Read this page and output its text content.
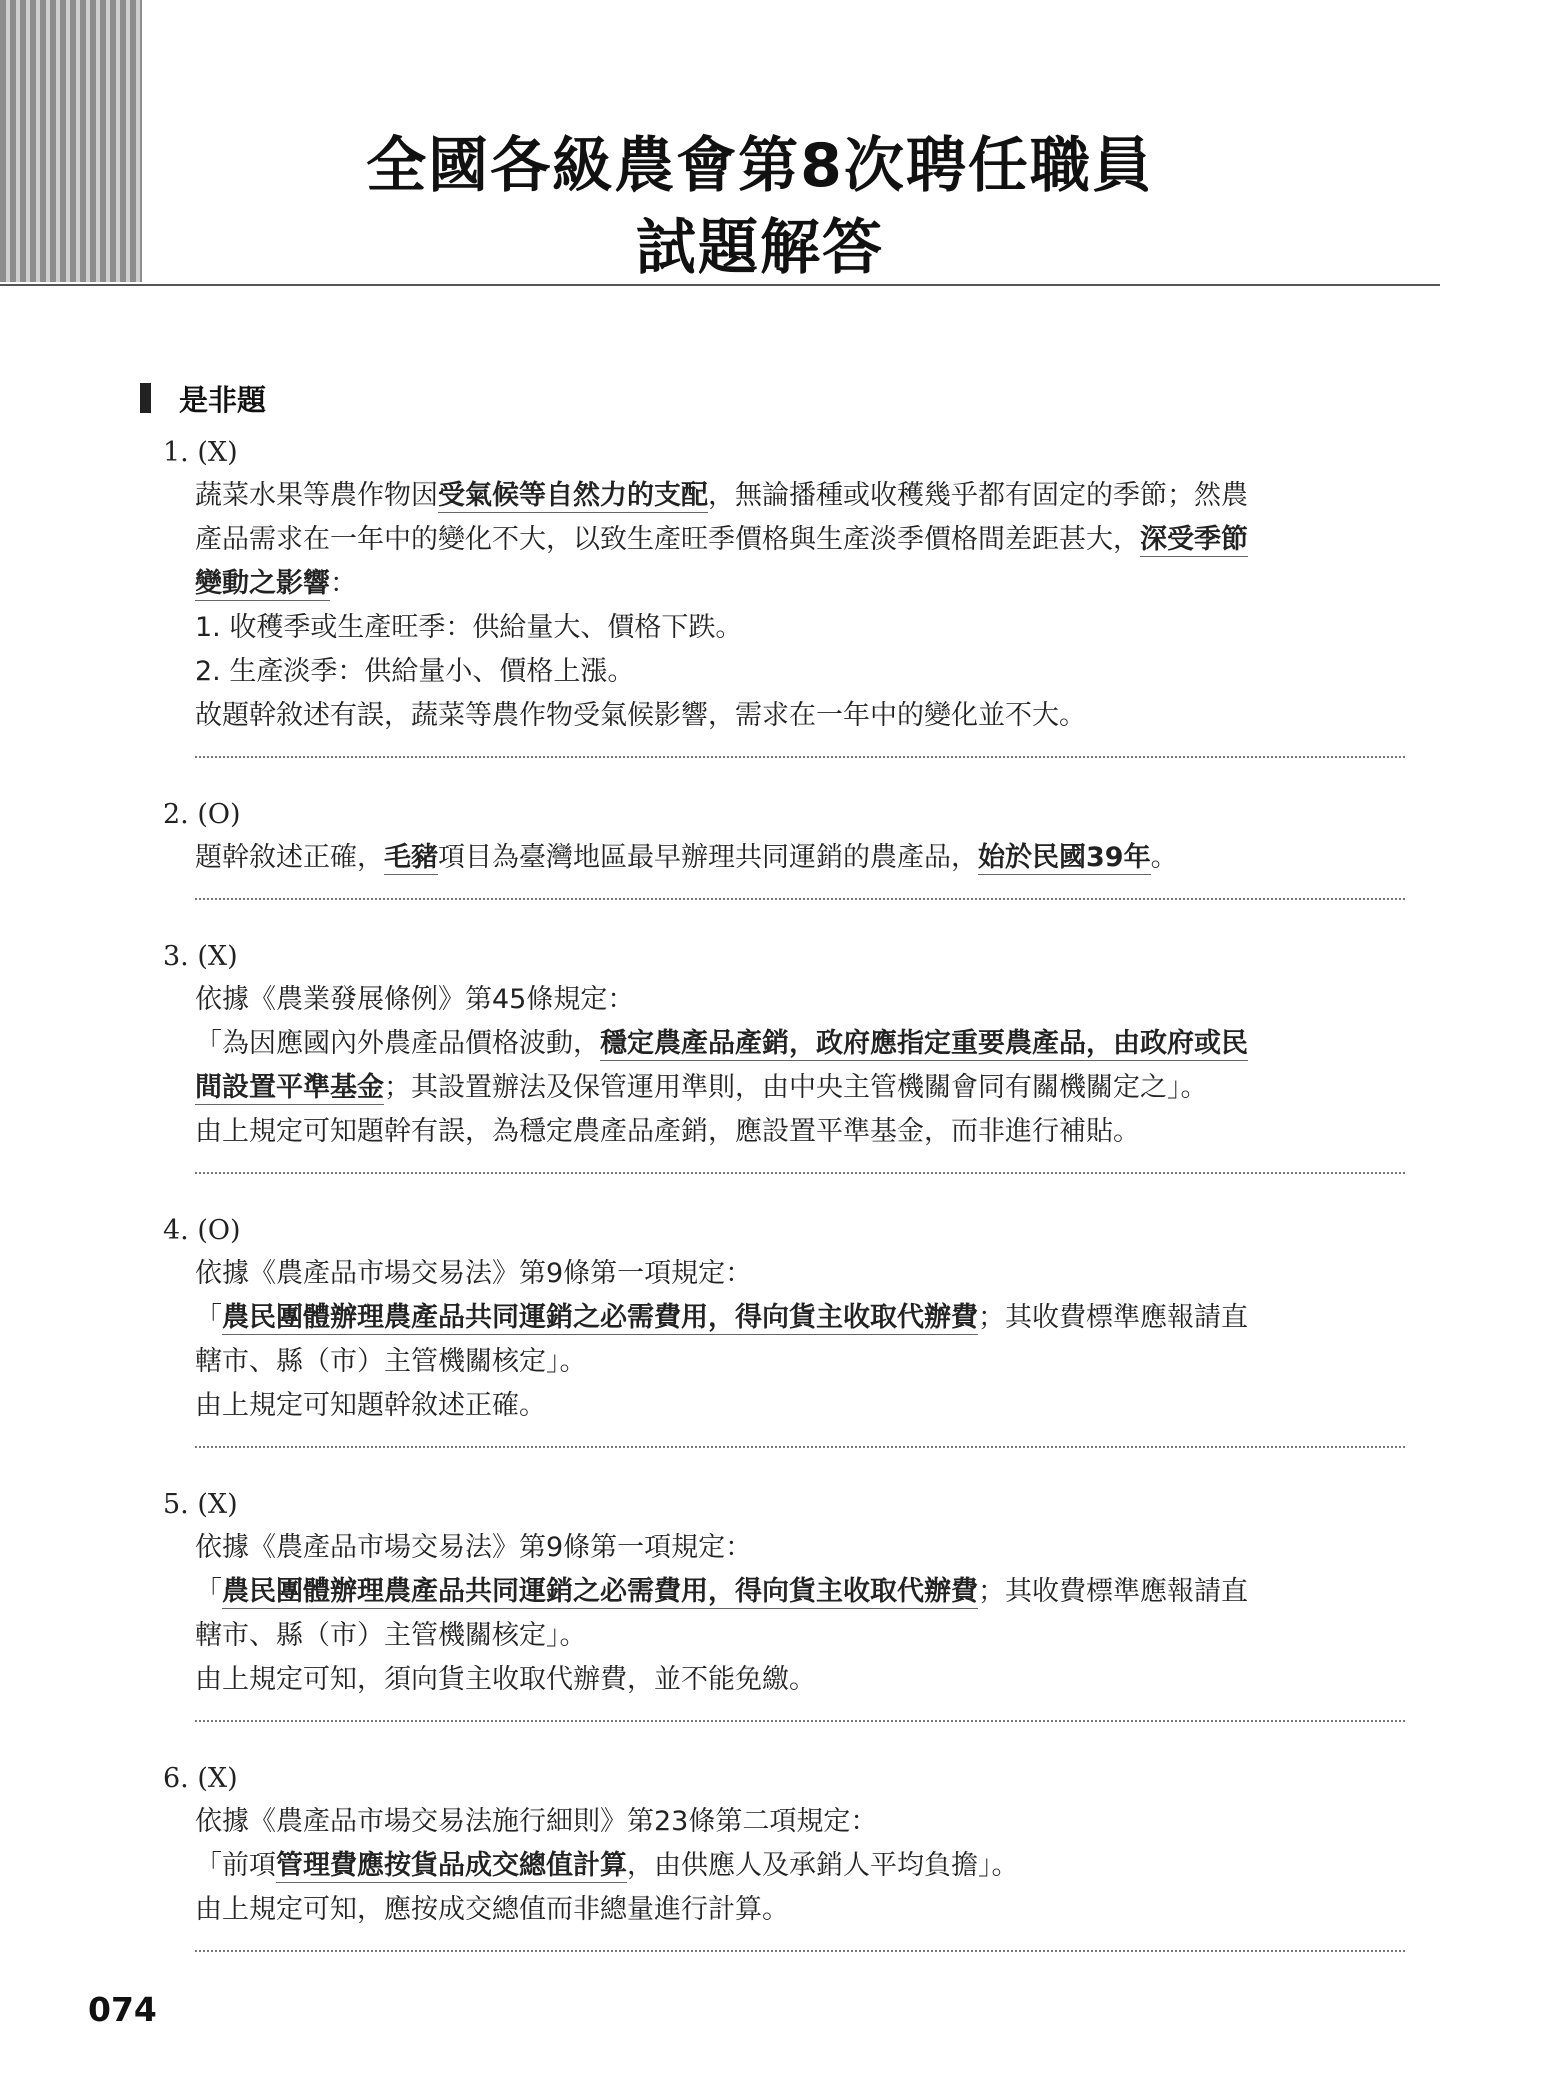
全國各級農會第8次聘任職員
試題解答
是非題
1. (X)
蔬菜水果等農作物因受氣候等自然力的支配，無論播種或收穫幾乎都有固定的季節；然農
產品需求在一年中的變化不大，以致生產旺季價格與生產淡季價格間差距甚大，深受季節
變動之影響：
1. 收穫季或生產旺季：供給量大、價格下跌。
2. 生產淡季：供給量小、價格上漲。
故題幹敘述有誤，蔬菜等農作物受氣候影響，需求在一年中的變化並不大。
2. (O)
題幹敘述正確，毛豬項目為臺灣地區最早辦理共同運銷的農產品，始於民國39年。
3. (X)
依據《農業發展條例》第45條規定：
「為因應國內外農產品價格波動，穩定農產品產銷，政府應指定重要農產品，由政府或民
間設置平準基金；其設置辦法及保管運用準則，由中央主管機關會同有關機關定之」。
由上規定可知題幹有誤，為穩定農產品產銷，應設置平準基金，而非進行補貼。
4. (O)
依據《農產品市場交易法》第9條第一項規定：
「農民團體辦理農產品共同運銷之必需費用，得向貨主收取代辦費；其收費標準應報請直
轄市、縣（市）主管機關核定」。
由上規定可知題幹敘述正確。
5. (X)
依據《農產品市場交易法》第9條第一項規定：
「農民團體辦理農產品共同運銷之必需費用，得向貨主收取代辦費；其收費標準應報請直
轄市、縣（市）主管機關核定」。
由上規定可知，須向貨主收取代辦費，並不能免繳。
6. (X)
依據《農產品市場交易法施行細則》第23條第二項規定：
「前項管理費應按貨品成交總值計算，由供應人及承銷人平均負擔」。
由上規定可知，應按成交總值而非總量進行計算。
074
